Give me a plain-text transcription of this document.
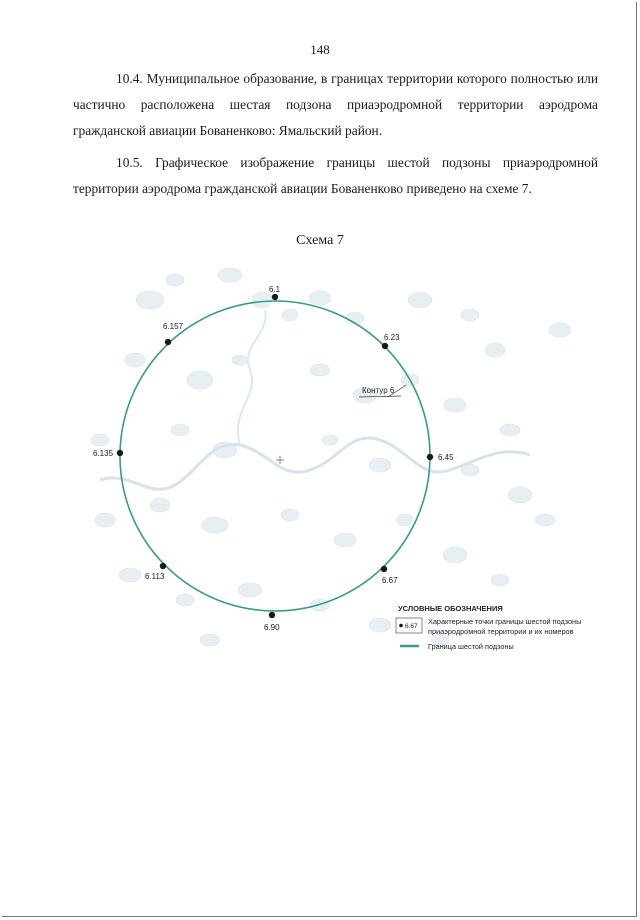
148
10.4. Муниципальное образование, в границах территории которого полностью или частично расположена шестая подзона приаэродромной территории аэродрома гражданской авиации Бованенково: Ямальский район.
10.5. Графическое изображение границы шестой подзоны приаэродромной территории аэродрома гражданской авиации Бованенково приведено на схеме 7.
Схема 7
Контур 6
6.1
6.23
6.45
6.67
6.90
6.113
6.135
6.157
УСЛОВНЫЕ ОБОЗНАЧЕНИЯ
6.67
Характерные точки границы шестой подзоны
приаэродромной территории и их номеров
Граница шестой подзоны
